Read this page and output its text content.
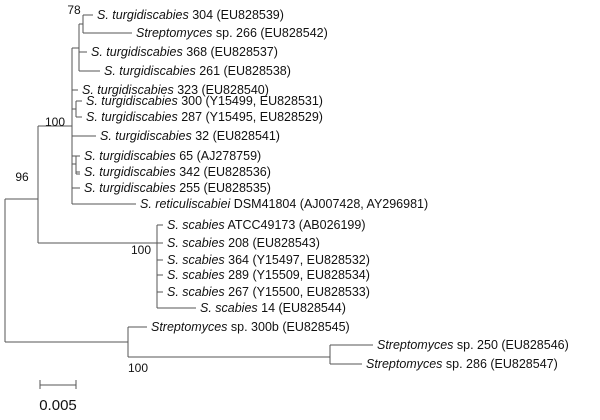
S. turgidiscabies 304 (EU828539)
Streptomyces sp. 266 (EU828542)
S. turgidiscabies 368 (EU828537)
S. turgidiscabies 261 (EU828538)
S. turgidiscabies 323 (EU828540)
S. turgidiscabies 300 (Y15499, EU828531)
S. turgidiscabies 287 (Y15495, EU828529)
S. turgidiscabies 32 (EU828541)
S. turgidiscabies 65 (AJ278759)
S. turgidiscabies 342 (EU828536)
S. turgidiscabies 255 (EU828535)
S. reticuliscabiei DSM41804 (AJ007428, AY296981)
S. scabies ATCC49173 (AB026199)
S. scabies 208 (EU828543)
S. scabies 364 (Y15497, EU828532)
S. scabies 289 (Y15509, EU828534)
S. scabies 267 (Y15500, EU828533)
S. scabies 14 (EU828544)
Streptomyces sp. 300b (EU828545)
Streptomyces sp. 250 (EU828546)
Streptomyces sp. 286 (EU828547)
78
100
96
100
100
0.005
